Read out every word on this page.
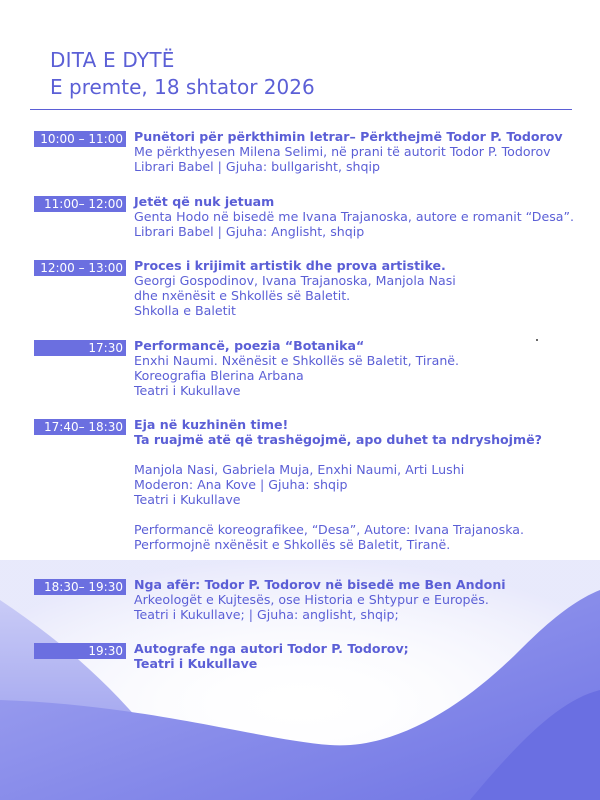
DITA E DYTË
E premte, 18 shtator 2026
10:00 – 11:00 Punëtori për përkthimin letrar– Përkthejmë Todor P. Todorov
Me përkthyesen Milena Selimi, në prani të autorit Todor P. Todorov
Librari Babel | Gjuha: bullgarisht, shqip
11:00– 12:00 Jetët që nuk jetuam
Genta Hodo në bisedë me Ivana Trajanoska, autore e romanit “Desa”.
Librari Babel | Gjuha: Anglisht, shqip
12:00 – 13:00 Proces i krijimit artistik dhe prova artistike.
Georgi Gospodinov, Ivana Trajanoska, Manjola Nasi
dhe nxënësit e Shkollës së Baletit.
Shkolla e Baletit
17:30 Performancë, poezia “Botanika“
Enxhi Naumi. Nxënësit e Shkollës së Baletit, Tiranë.
Koreografia Blerina Arbana
Teatri i Kukullave
17:40– 18:30 Eja në kuzhinën time!
Ta ruajmë atë që trashëgojmë, apo duhet ta ndryshojmë?
Manjola Nasi, Gabriela Muja, Enxhi Naumi, Arti Lushi
Moderon: Ana Kove | Gjuha: shqip
Teatri i Kukullave
Performancë koreografikee, “Desa”, Autore: Ivana Trajanoska.
Performojnë nxënësit e Shkollës së Baletit, Tiranë.
18:30– 19:30 Nga afër: Todor P. Todorov në bisedë me Ben Andoni
Arkeologët e Kujtesës, ose Historia e Shtypur e Europës.
Teatri i Kukullave; | Gjuha: anglisht, shqip;
19:30 Autografe nga autori Todor P. Todorov;
Teatri i Kukullave
